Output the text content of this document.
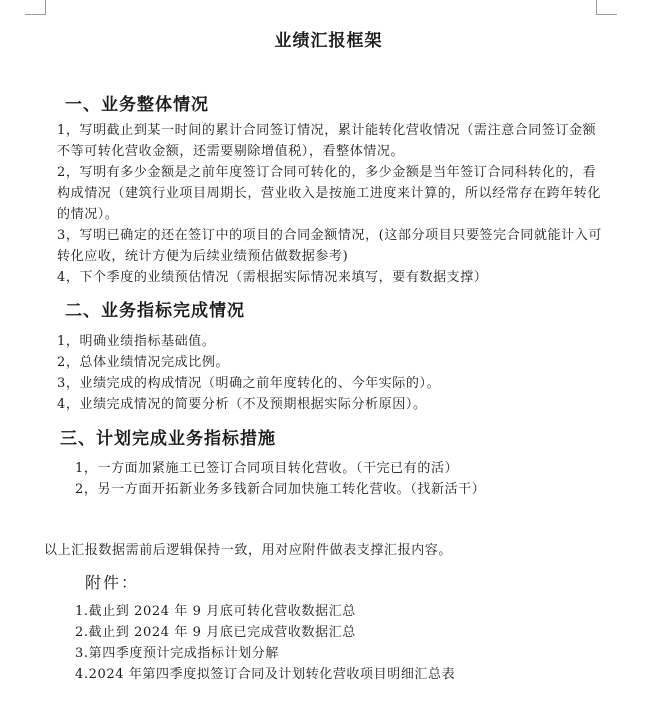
业绩汇报框架
一、业务整体情况
1，写明截止到某一时间的累计合同签订情况，累计能转化营收情况（需注意合同签订金额不等可转化营收金额，还需要剔除增值税），看整体情况。
2，写明有多少金额是之前年度签订合同可转化的，多少金额是当年签订合同科转化的，看构成情况（建筑行业项目周期长，营业收入是按施工进度来计算的，所以经常存在跨年转化的情况）。
3，写明已确定的还在签订中的项目的合同金额情况，(这部分项目只要签完合同就能计入可转化应收，统计方便为后续业绩预估做数据参考)
4，下个季度的业绩预估情况（需根据实际情况来填写，要有数据支撑）
二、业务指标完成情况
1，明确业绩指标基础值。
2，总体业绩情况完成比例。
3，业绩完成的构成情况（明确之前年度转化的、今年实际的）。
4，业绩完成情况的简要分析（不及预期根据实际分析原因）。
三、计划完成业务指标措施
1，一方面加紧施工已签订合同项目转化营收。（干完已有的活）
2，另一方面开拓新业务多钱新合同加快施工转化营收。（找新活干）
以上汇报数据需前后逻辑保持一致，用对应附件做表支撑汇报内容。
附件：
1.截止到 2024 年 9 月底可转化营收数据汇总
2.截止到 2024 年 9 月底已完成营收数据汇总
3.第四季度预计完成指标计划分解
4.2024 年第四季度拟签订合同及计划转化营收项目明细汇总表
